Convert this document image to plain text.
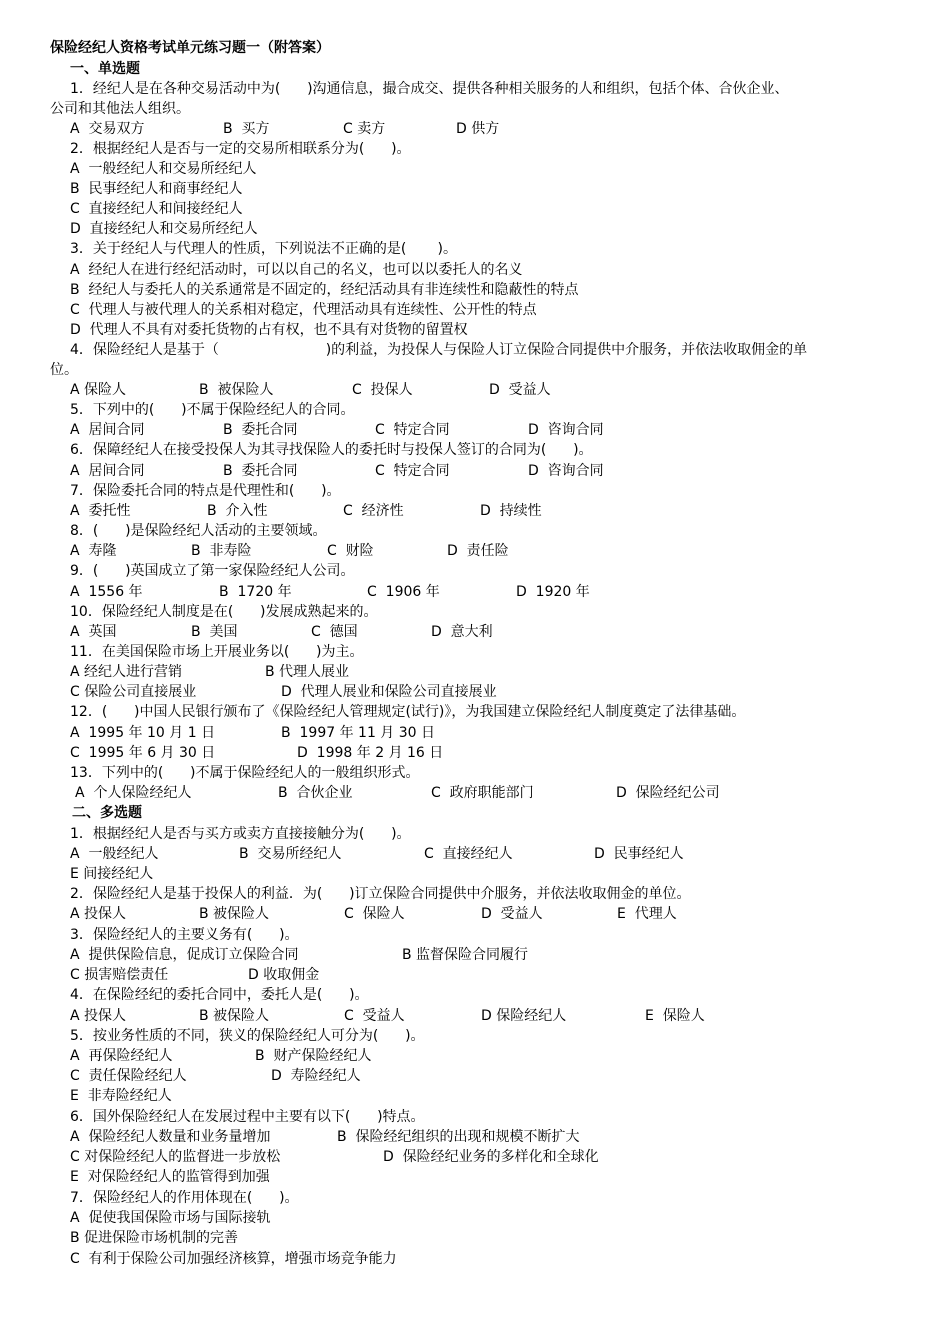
保险经纪人资格考试单元练习题一（附答案）
一、单选题
1．经纪人是在各种交易活动中为(      )沟通信息，撮合成交、提供各种相关服务的人和组织，包括个体、合伙企业、
公司和其他法人组织。
A  交易双方	B  买方	C 卖方	D 供方
2．根据经纪人是否与一定的交易所相联系分为(      )。
A  一般经纪人和交易所经纪人
B  民事经纪人和商事经纪人
C  直接经纪人和间接经纪人
D  直接经纪人和交易所经纪人
3．关于经纪人与代理人的性质，下列说法不正确的是(       )。
A  经纪人在进行经纪活动时，可以以自己的名义，也可以以委托人的名义
B  经纪人与委托人的关系通常是不固定的，经纪活动具有非连续性和隐蔽性的特点
C  代理人与被代理人的关系相对稳定，代理活动具有连续性、公开性的特点
D  代理人不具有对委托货物的占有权，也不具有对货物的留置权
4．保险经纪人是基于（                        )的利益，为投保人与保险人订立保险合同提供中介服务，并依法收取佣金的单
位。
A 保险人	B  被保险人	C  投保人	D  受益人
5．下列中的(      )不属于保险经纪人的合同。
A  居间合同	B  委托合同	C  特定合同	D  咨询合同
6．保障经纪人在接受投保人为其寻找保险人的委托时与投保人签订的合同为(      )。
A  居间合同	B  委托合同	C  特定合同	D  咨询合同
7．保险委托合同的特点是代理性和(      )。
A  委托性	B  介入性	C  经济性	D  持续性
8．(      )是保险经纪人活动的主要领域。
A  寿隆	B  非寿险	C  财险	D  责任险
9．(      )英国成立了第一家保险经纪人公司。
A  1556 年	B  1720 年	C  1906 年	D  1920 年
10．保险经纪人制度是在(      )发展成熟起来的。
A  英国	B  美国	C  德国	D  意大利
11．在美国保险市场上开展业务以(      )为主。
A 经纪人进行营销	B 代理人展业
C 保险公司直接展业	D  代理人展业和保险公司直接展业
12．(      )中国人民银行颁布了《保险经纪人管理规定(试行)》，为我国建立保险经纪人制度奠定了法律基础。
A  1995 年 10 月 1 日	B  1997 年 11 月 30 日
C  1995 年 6 月 30 日	D  1998 年 2 月 16 日
13．下列中的(      )不属于保险经纪人的一般组织形式。
A  个人保险经纪人	B  合伙企业	C  政府职能部门	D  保险经纪公司
二、多选题
1．根据经纪人是否与买方或卖方直接接触分为(      )。
A  一般经纪人	B  交易所经纪人	C  直接经纪人	D  民事经纪人
E 间接经纪人
2．保险经纪人是基于投保人的利益．为(      )订立保险合同提供中介服务，并依法收取佣金的单位。
A 投保人	B 被保险人	C  保险人	D  受益人	E  代理人
3．保险经纪人的主要义务有(      )。
A  提供保险信息，促成订立保险合同	B 监督保险合同履行
C 损害赔偿责任	D 收取佣金
4．在保险经纪的委托合同中，委托人是(      )。
A 投保人	B 被保险人	C  受益人	D 保险经纪人	E  保险人
5．按业务性质的不同，狭义的保险经纪人可分为(      )。
A  再保险经纪人	B  财产保险经纪人
C  责任保险经纪人	D  寿险经纪人
E  非寿险经纪人
6．国外保险经纪人在发展过程中主要有以下(      )特点。
A  保险经纪人数量和业务量增加	B  保险经纪组织的出现和规模不断扩大
C 对保险经纪人的监督进一步放松	D  保险经纪业务的多样化和全球化
E  对保险经纪人的监管得到加强
7．保险经纪人的作用体现在(      )。
A  促使我国保险市场与国际接轨
B 促进保险市场机制的完善
C  有利于保险公司加强经济核算，增强市场竞争能力
